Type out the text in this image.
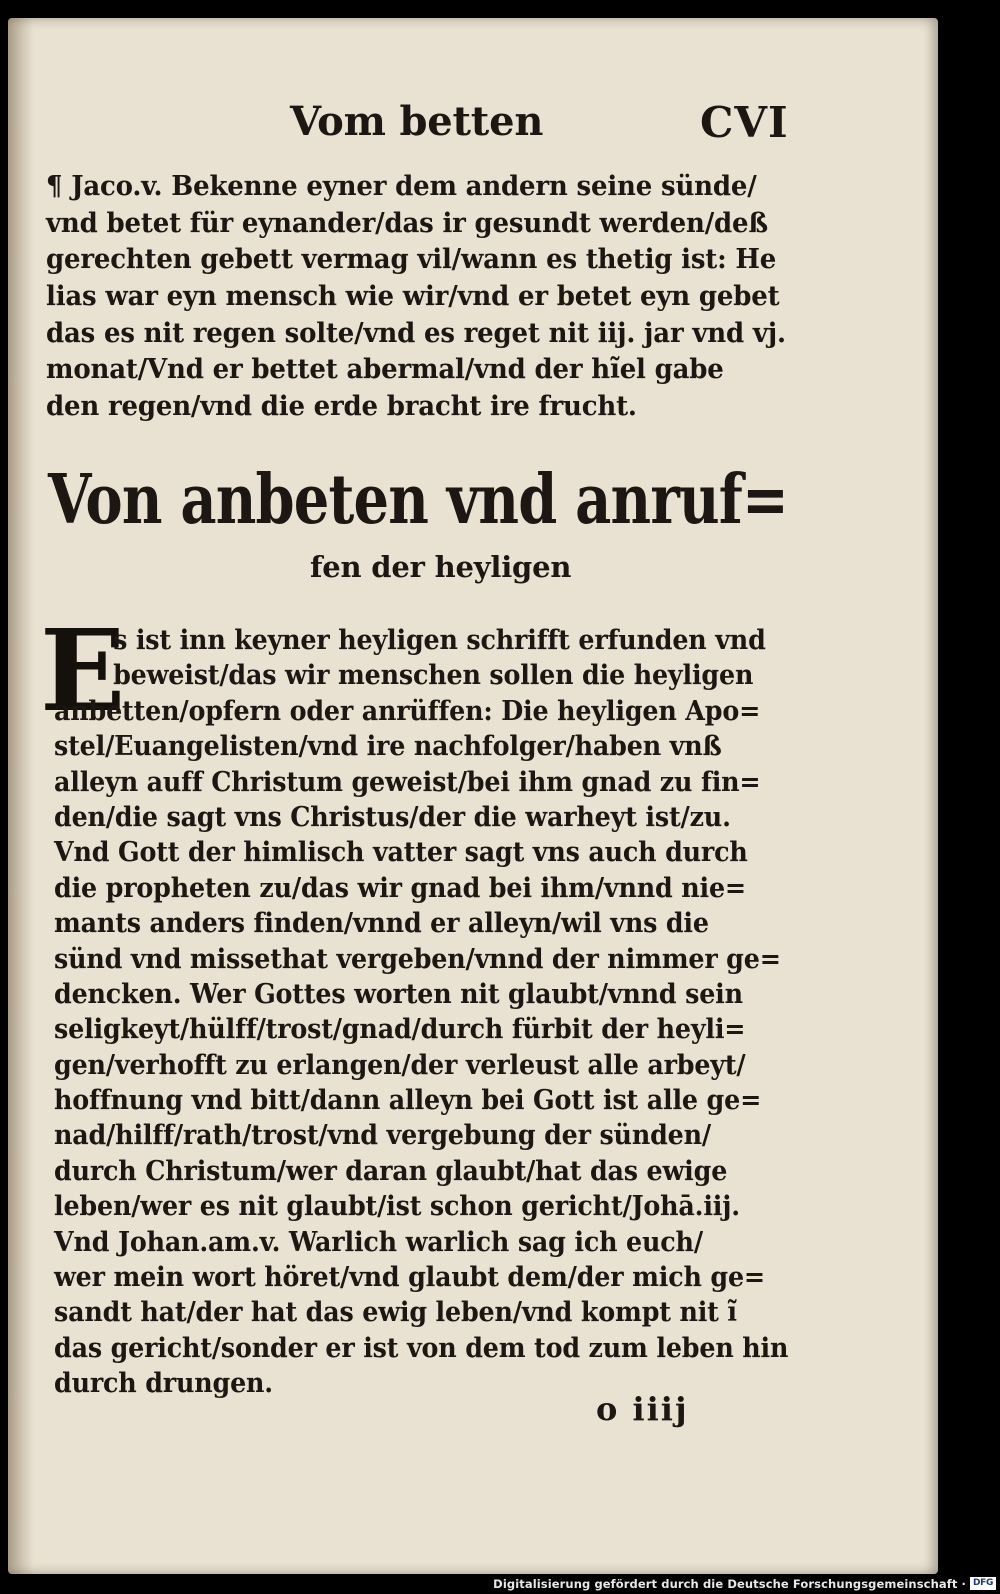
Vom betten	CVI
¶ Jaco.v. Bekenne eyner dem andern seine sünde/
vnd betet für eynander/das ir gesundt werden/deß
gerechten gebett vermag vil/wann es thetig ist: He
lias war eyn mensch wie wir/vnd er betet eyn gebet
das es nit regen solte/vnd es reget nit iij. jar vnd vj.
monat/Vnd er bettet abermal/vnd der hĩel gabe
den regen/vnd die erde bracht ire frucht.
Von anbeten vnd anruf=
fen der heyligen
E
s ist inn keyner heyligen schrifft erfunden vnd
beweist/das wir menschen sollen die heyligen
anbetten/opfern oder anrüffen: Die heyligen Apo=
stel/Euangelisten/vnd ire nachfolger/haben vnß
alleyn auff Christum geweist/bei ihm gnad zu fin=
den/die sagt vns Christus/der die warheyt ist/zu.
Vnd Gott der himlisch vatter sagt vns auch durch
die propheten zu/das wir gnad bei ihm/vnnd nie=
mants anders finden/vnnd er alleyn/wil vns die
sünd vnd missethat vergeben/vnnd der nimmer ge=
dencken. Wer Gottes worten nit glaubt/vnnd sein
seligkeyt/hülff/trost/gnad/durch fürbit der heyli=
gen/verhofft zu erlangen/der verleust alle arbeyt/
hoffnung vnd bitt/dann alleyn bei Gott ist alle ge=
nad/hilff/rath/trost/vnd vergebung der sünden/
durch Christum/wer daran glaubt/hat das ewige
leben/wer es nit glaubt/ist schon gericht/Johā.iij.
Vnd Johan.am.v. Warlich warlich sag ich euch/
wer mein wort höret/vnd glaubt dem/der mich ge=
sandt hat/der hat das ewig leben/vnd kompt nit ĩ
das gericht/sonder er ist von dem tod zum leben hin
durch drungen.
o iiij
Digitalisierung gefördert durch die Deutsche Forschungsgemeinschaft · DFG
